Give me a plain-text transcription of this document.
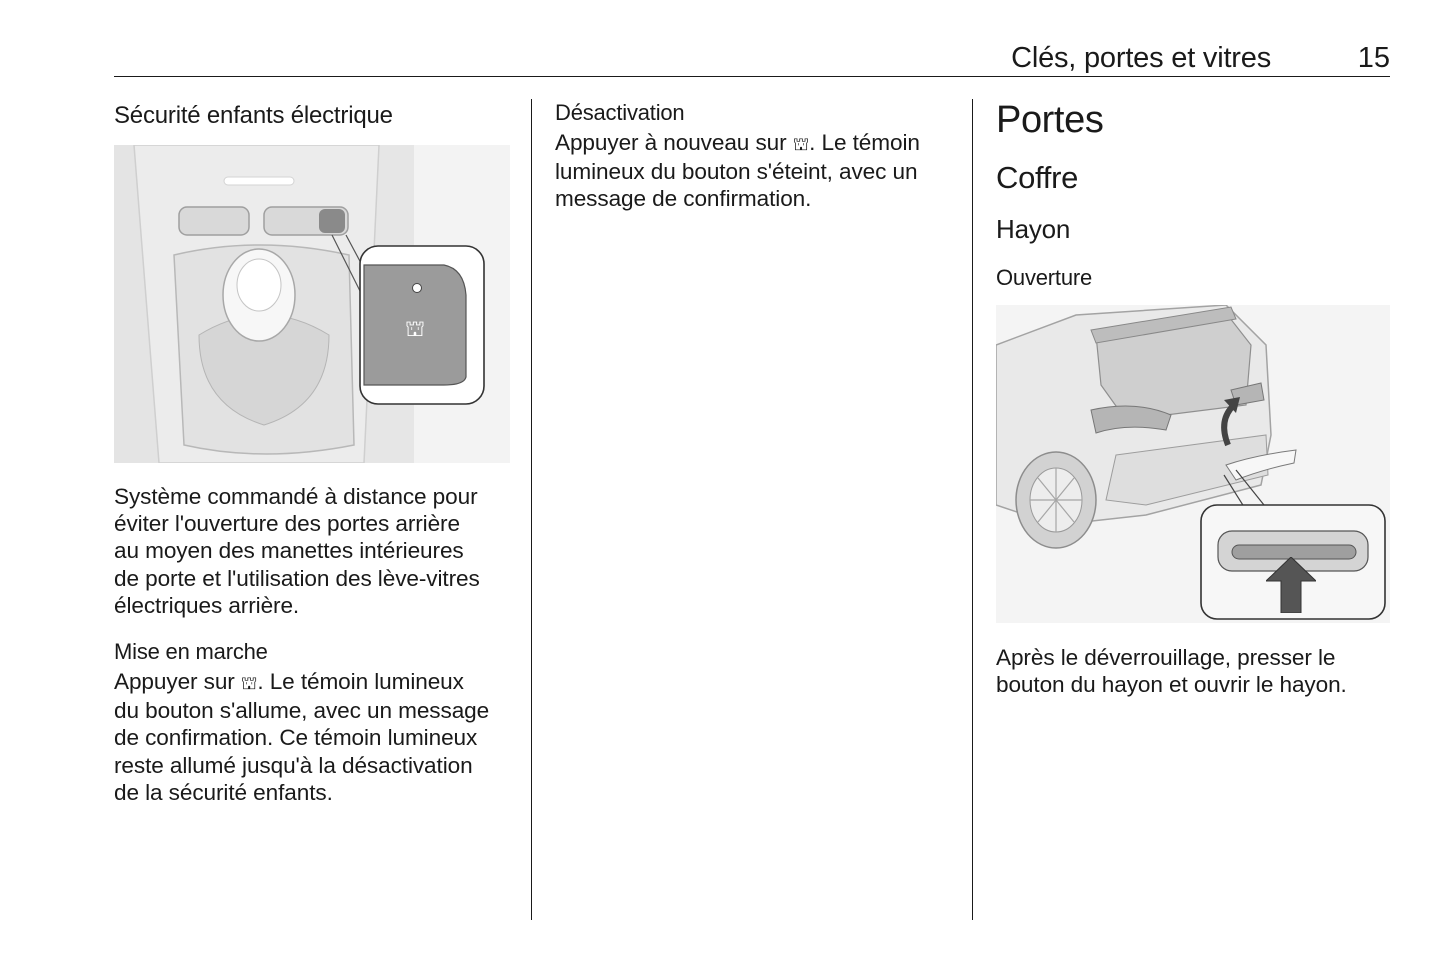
Clés, portes et vitres	15
Sécurité enfants électrique
⛫
Système commandé à distance pour
éviter l'ouverture des portes arrière
au moyen des manettes intérieures
de porte et l'utilisation des lève-vitres
électriques arrière.
Mise en marche
Appuyer sur ⛫. Le témoin lumineux
du bouton s'allume, avec un message
de confirmation. Ce témoin lumineux
reste allumé jusqu'à la désactivation
de la sécurité enfants.
Désactivation
Appuyer à nouveau sur ⛫. Le témoin
lumineux du bouton s'éteint, avec un
message de confirmation.
Portes
Coffre
Hayon
Ouverture
Après le déverrouillage, presser le
bouton du hayon et ouvrir le hayon.
